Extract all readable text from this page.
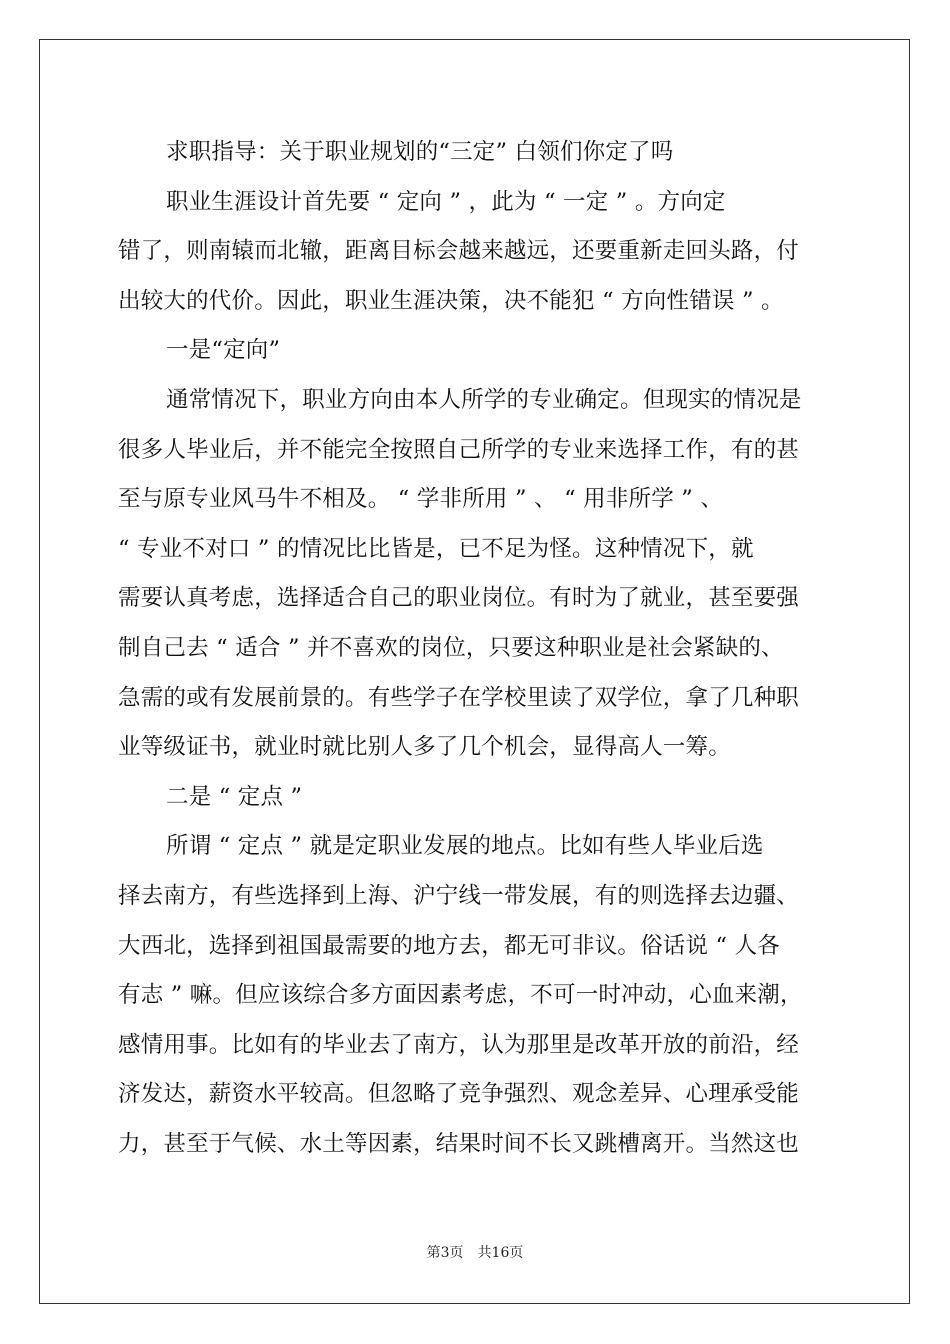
求职指导：关于职业规划的“三定” 白领们你定了吗
职业生涯设计首先要 “ 定向 ” ，此为 “ 一定 ” 。方向定
错了，则南辕而北辙，距离目标会越来越远，还要重新走回头路，付
出较大的代价。因此，职业生涯决策，决不能犯 “ 方向性错误 ” 。
一是“定向”
通常情况下，职业方向由本人所学的专业确定。但现实的情况是
很多人毕业后，并不能完全按照自己所学的专业来选择工作，有的甚
至与原专业风马牛不相及。 “ 学非所用 ” 、 “ 用非所学 ” 、
“ 专业不对口 ” 的情况比比皆是，已不足为怪。这种情况下，就
需要认真考虑，选择适合自己的职业岗位。有时为了就业，甚至要强
制自己去 “ 适合 ” 并不喜欢的岗位，只要这种职业是社会紧缺的、
急需的或有发展前景的。有些学子在学校里读了双学位，拿了几种职
业等级证书，就业时就比别人多了几个机会，显得高人一筹。
二是 “ 定点 ”
所谓 “ 定点 ” 就是定职业发展的地点。比如有些人毕业后选
择去南方，有些选择到上海、沪宁线一带发展，有的则选择去边疆、
大西北，选择到祖国最需要的地方去，都无可非议。俗话说 “ 人各
有志 ” 嘛。但应该综合多方面因素考虑，不可一时冲动，心血来潮，
感情用事。比如有的毕业去了南方，认为那里是改革开放的前沿，经
济发达，薪资水平较高。但忽略了竞争强烈、观念差异、心理承受能
力，甚至于气候、水土等因素，结果时间不长又跳槽离开。当然这也
第3页 共16页
